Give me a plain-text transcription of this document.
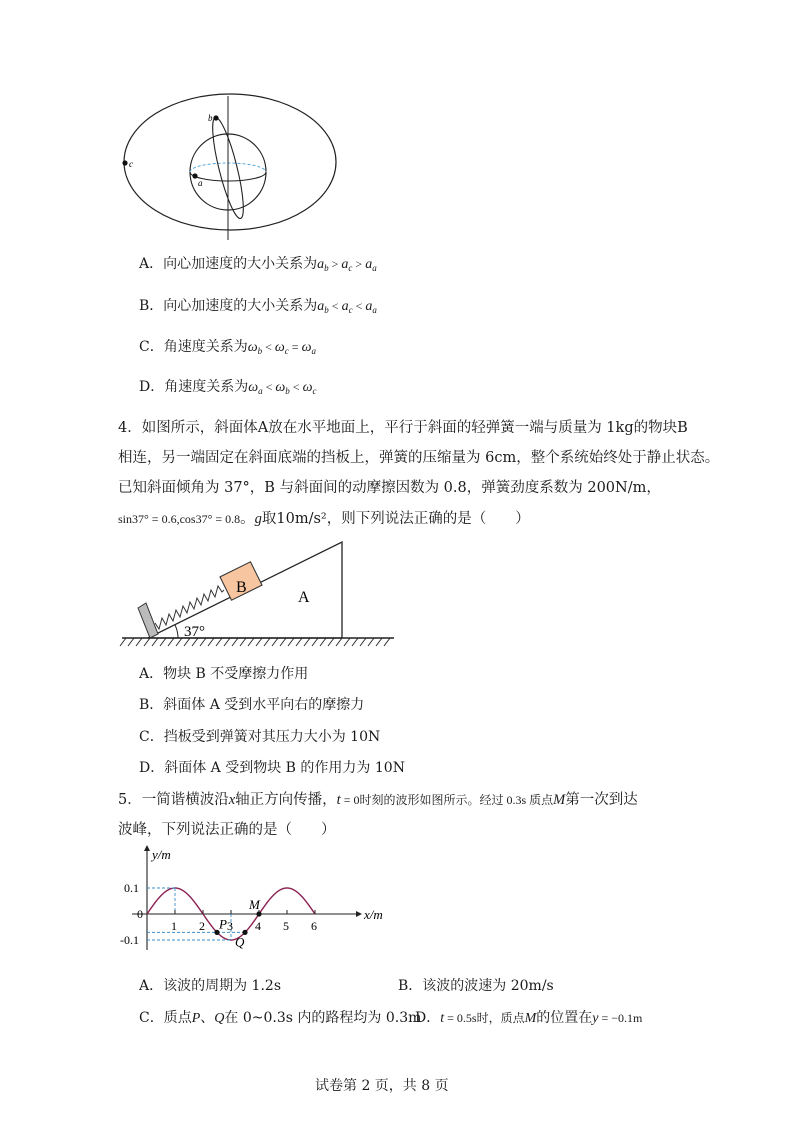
b
c
a
A．向心加速度的大小关系为$a_b > a_c > a_a$
B．向心加速度的大小关系为$a_b < a_c < a_a$
C．角速度关系为$\omega_b < \omega_c = \omega_a$
D．角速度关系为$\omega_a < \omega_b < \omega_c$
4．如图所示，斜面体A放在水平地面上，平行于斜面的轻弹簧一端与质量为 1kg的物块B
相连，另一端固定在斜面底端的挡板上，弹簧的压缩量为 6cm，整个系统始终处于静止状态。
已知斜面倾角为 37°，B 与斜面间的动摩擦因数为 0.8，弹簧劲度系数为 200N/m，
sin37° = 0.6,cos37° = 0.8。g取10m/s²，则下列说法正确的是（　　）
B
A
37°
A．物块 B 不受摩擦力作用
B．斜面体 A 受到水平向右的摩擦力
C．挡板受到弹簧对其压力大小为 10N
D．斜面体 A 受到物块 B 的作用力为 10N
5．一简谐横波沿x轴正方向传播，t = 0时刻的波形如图所示。经过 0.3s 质点M第一次到达
波峰，下列说法正确的是（　　）
y/m
x/m
1 2 3 4 5 6
0.1
0
-0.1
P
Q
M
A．该波的周期为 1.2s	B．该波的波速为 20m/s
C．质点P、Q在 0~0.3s 内的路程均为 0.3m
D．t = 0.5s时，质点M的位置在y = −0.1m
试卷第 2 页，共 8 页
